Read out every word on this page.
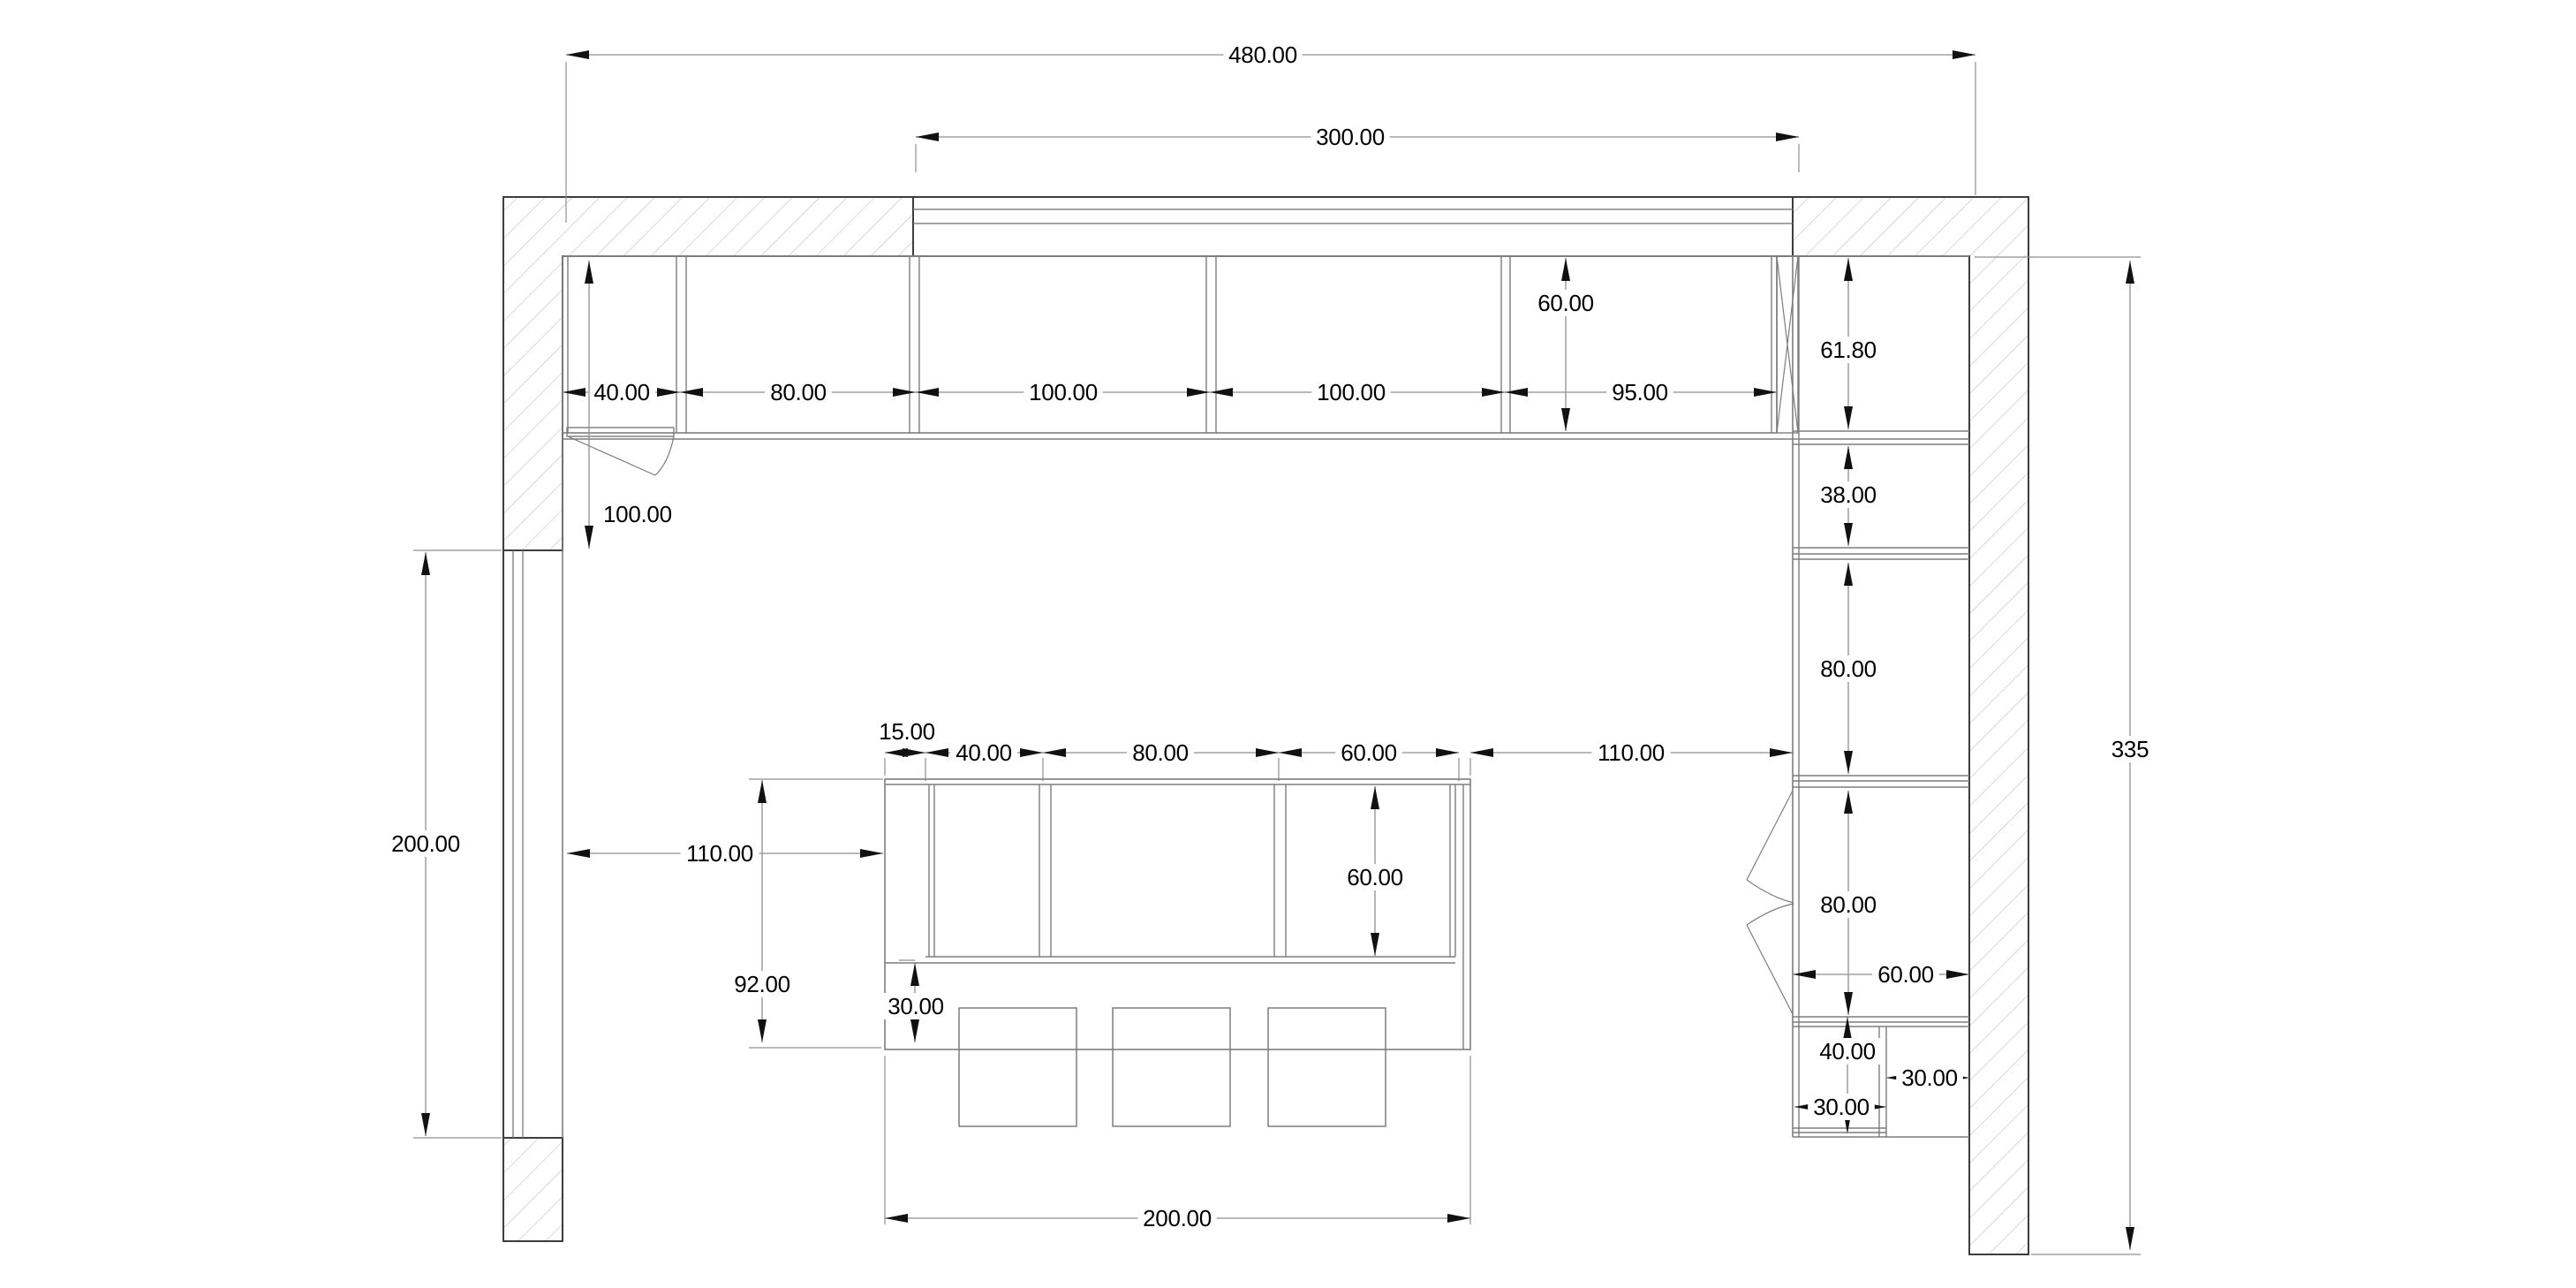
480.00
300.00
40.00	80.00	100.00	100.00	95.00
60.00
61.80
38.00
80.00
80.00
40.00
60.00
30.00
30.00
335
100.00
200.00	110.00
15.00
40.00	80.00	60.00	110.00
60.00
92.00
30.00
200.00
